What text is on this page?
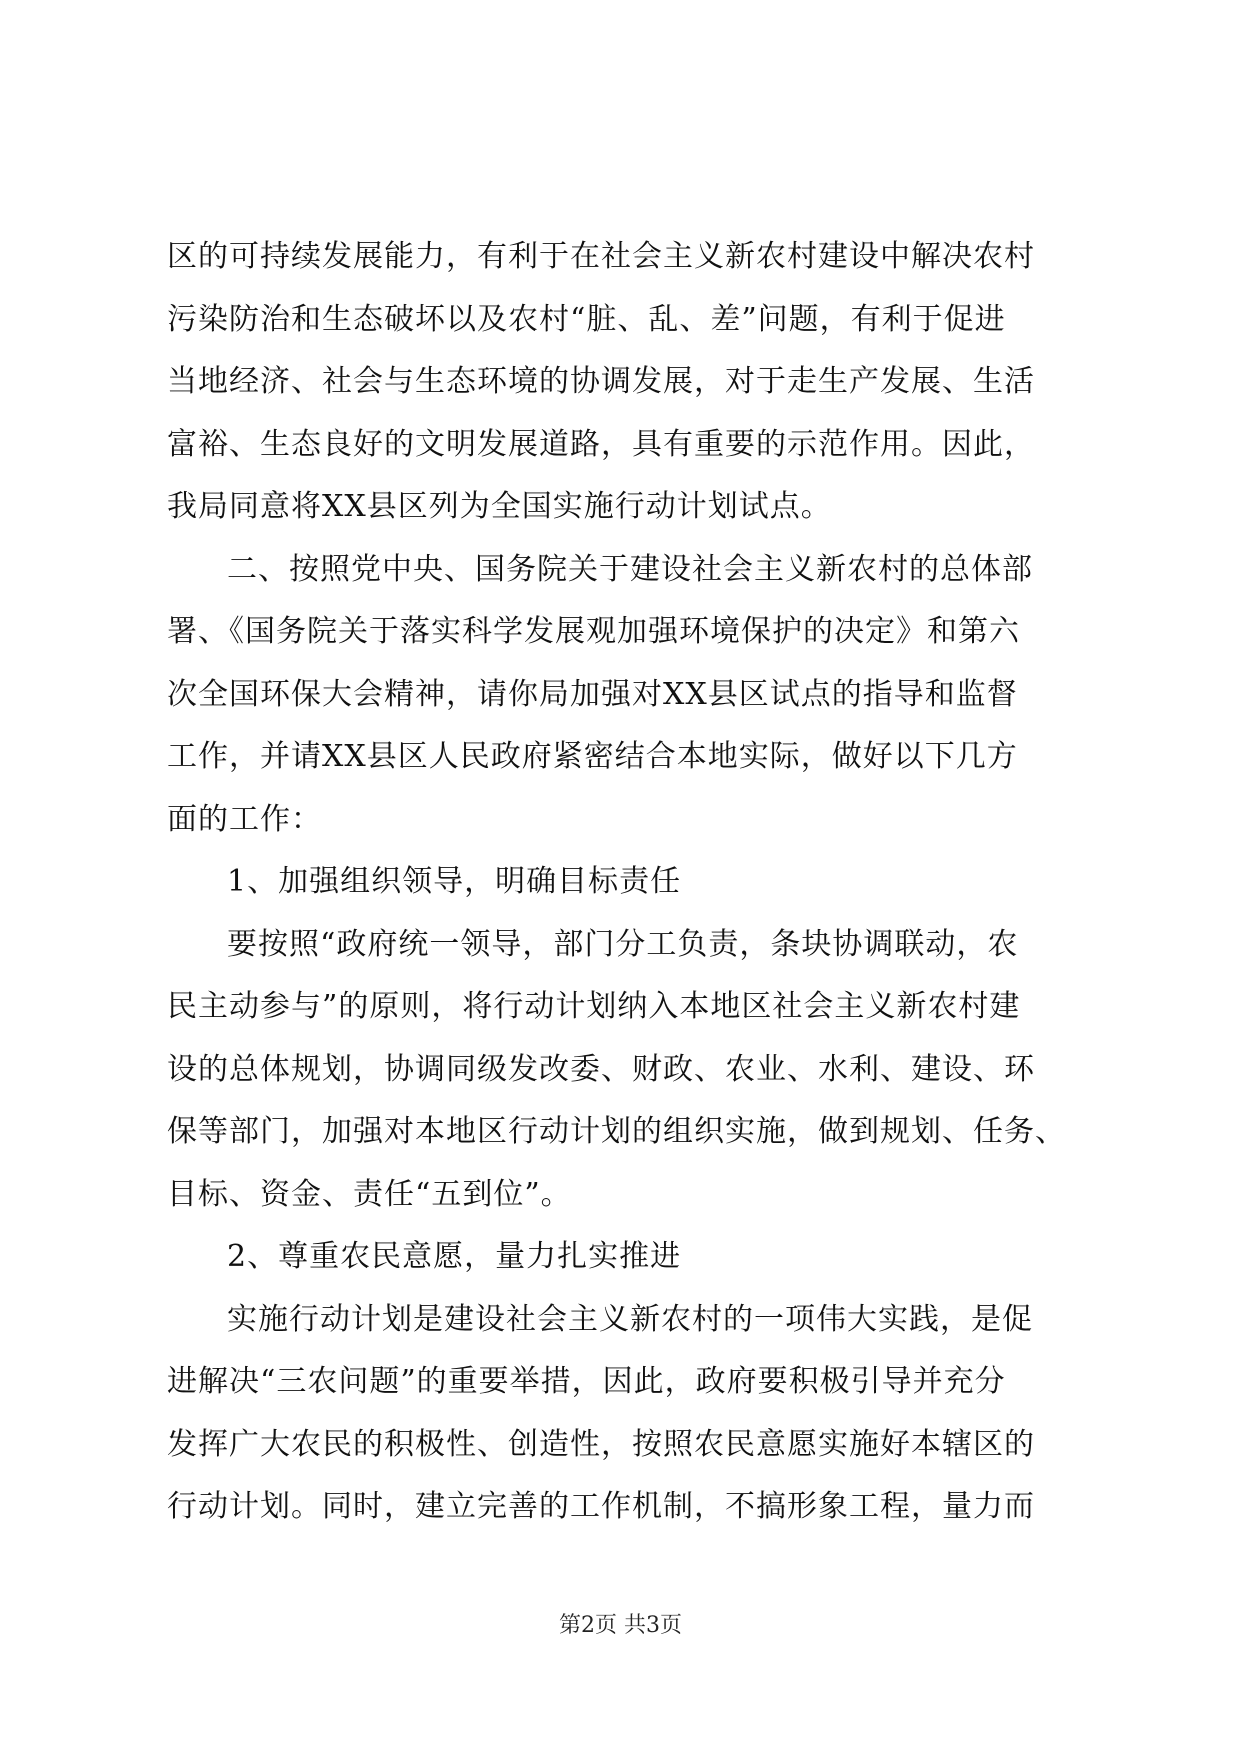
区的可持续发展能力，有利于在社会主义新农村建设中解决农村
污染防治和生态破坏以及农村“脏、乱、差”问题，有利于促进
当地经济、社会与生态环境的协调发展，对于走生产发展、生活
富裕、生态良好的文明发展道路，具有重要的示范作用。因此，
我局同意将XX县区列为全国实施行动计划试点。
二、按照党中央、国务院关于建设社会主义新农村的总体部
署、《国务院关于落实科学发展观加强环境保护的决定》和第六
次全国环保大会精神，请你局加强对XX县区试点的指导和监督
工作，并请XX县区人民政府紧密结合本地实际，做好以下几方
面的工作：
1、加强组织领导，明确目标责任
要按照“政府统一领导，部门分工负责，条块协调联动，农
民主动参与”的原则，将行动计划纳入本地区社会主义新农村建
设的总体规划，协调同级发改委、财政、农业、水利、建设、环
保等部门，加强对本地区行动计划的组织实施，做到规划、任务、
目标、资金、责任“五到位”。
2、尊重农民意愿，量力扎实推进
实施行动计划是建设社会主义新农村的一项伟大实践，是促
进解决“三农问题”的重要举措，因此，政府要积极引导并充分
发挥广大农民的积极性、创造性，按照农民意愿实施好本辖区的
行动计划。同时，建立完善的工作机制，不搞形象工程，量力而
第2页 共3页
